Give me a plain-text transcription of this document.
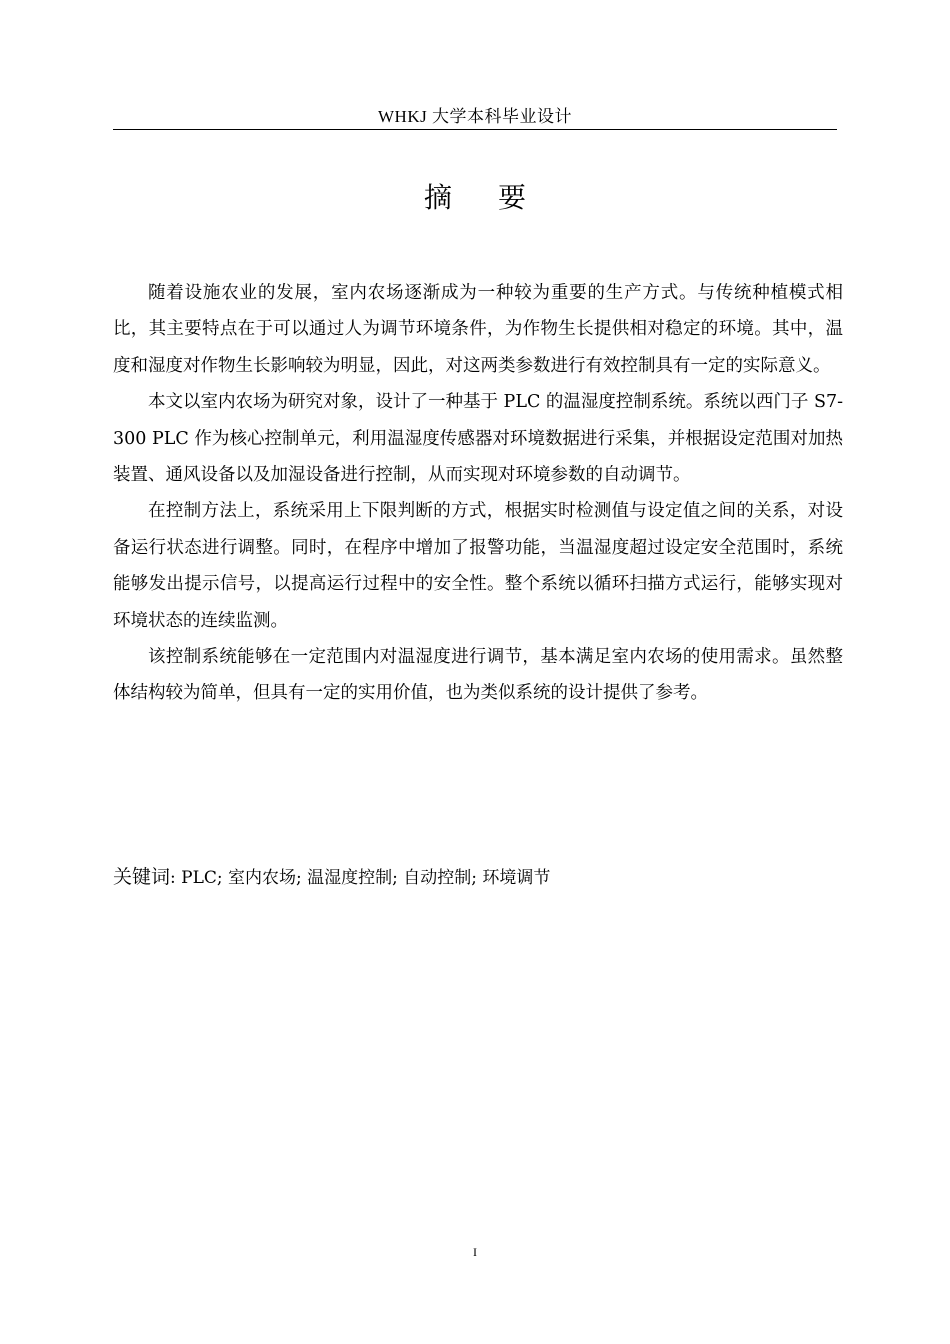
WHKJ 大学本科毕业设计
摘要

随着设施农业的发展，室内农场逐渐成为一种较为重要的生产方式。与传统种植模式相比，其主要特点在于可以通过人为调节环境条件，为作物生长提供相对稳定的环境。其中，温度和湿度对作物生长影响较为明显，因此，对这两类参数进行有效控制具有一定的实际意义。

本文以室内农场为研究对象，设计了一种基于 PLC 的温湿度控制系统。系统以西门子 S7-300 PLC 作为核心控制单元，利用温湿度传感器对环境数据进行采集，并根据设定范围对加热装置、通风设备以及加湿设备进行控制，从而实现对环境参数的自动调节。

在控制方法上，系统采用上下限判断的方式，根据实时检测值与设定值之间的关系，对设备运行状态进行调整。同时，在程序中增加了报警功能，当温湿度超过设定安全范围时，系统能够发出提示信号，以提高运行过程中的安全性。整个系统以循环扫描方式运行，能够实现对环境状态的连续监测。

该控制系统能够在一定范围内对温湿度进行调节，基本满足室内农场的使用需求。虽然整体结构较为简单，但具有一定的实用价值，也为类似系统的设计提供了参考。

关键词: PLC; 室内农场; 温湿度控制; 自动控制; 环境调节
I
